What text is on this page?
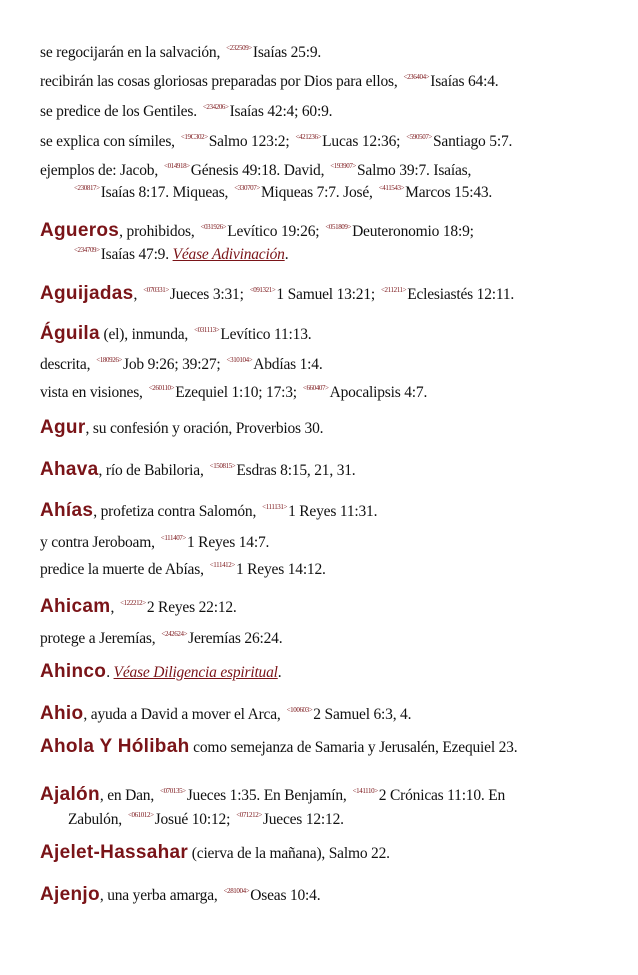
se regocijarán en la salvación, $^{<232509>}$Isaías 25:9.

recibirán las cosas gloriosas preparadas por Dios para ellos, $^{<236404>}$Isaías 64:4.

se predice de los Gentiles. $^{<234206>}$Isaías 42:4; 60:9.

se explica con símiles, $^{<19C302>}$Salmo 123:2; $^{<421236>}$Lucas 12:36; $^{<590507>}$Santiago 5:7.

ejemplos de: Jacob, $^{<014918>}$Génesis 49:18. David, $^{<193907>}$Salmo 39:7. Isaías,

$^{<230817>}$Isaías 8:17. Miqueas, $^{<330707>}$Miqueas 7:7. José, $^{<411543>}$Marcos 15:43.

Agueros, prohibidos, $^{<031926>}$Levítico 19:26; $^{<051809>}$Deuteronomio 18:9;

$^{<234709>}$Isaías 47:9. Véase Adivinación.

Aguijadas, $^{<070331>}$Jueces 3:31; $^{<091321>}$1 Samuel 13:21; $^{<211211>}$Eclesiastés 12:11.

Águila (el), inmunda, $^{<031113>}$Levítico 11:13.

descrita, $^{<180926>}$Job 9:26; 39:27; $^{<310104>}$Abdías 1:4.

vista en visiones, $^{<260110>}$Ezequiel 1:10; 17:3; $^{<660407>}$Apocalipsis 4:7.

Agur, su confesión y oración, Proverbios 30.

Ahava, río de Babiloria, $^{<150815>}$Esdras 8:15, 21, 31.

Ahías, profetiza contra Salomón, $^{<111131>}$1 Reyes 11:31.

y contra Jeroboam, $^{<111407>}$1 Reyes 14:7.

predice la muerte de Abías, $^{<111412>}$1 Reyes 14:12.

Ahicam, $^{<122212>}$2 Reyes 22:12.

protege a Jeremías, $^{<242624>}$Jeremías 26:24.

Ahinco. Véase Diligencia espiritual.

Ahio, ayuda a David a mover el Arca, $^{<100603>}$2 Samuel 6:3, 4.

Ahola Y Hólibah como semejanza de Samaria y Jerusalén, Ezequiel 23.

Ajalón, en Dan, $^{<070135>}$Jueces 1:35. En Benjamín, $^{<141110>}$2 Crónicas 11:10. En

Zabulón, $^{<061012>}$Josué 10:12; $^{<071212>}$Jueces 12:12.

Ajelet-Hassahar (cierva de la mañana), Salmo 22.

Ajenjo, una yerba amarga, $^{<281004>}$Oseas 10:4.
